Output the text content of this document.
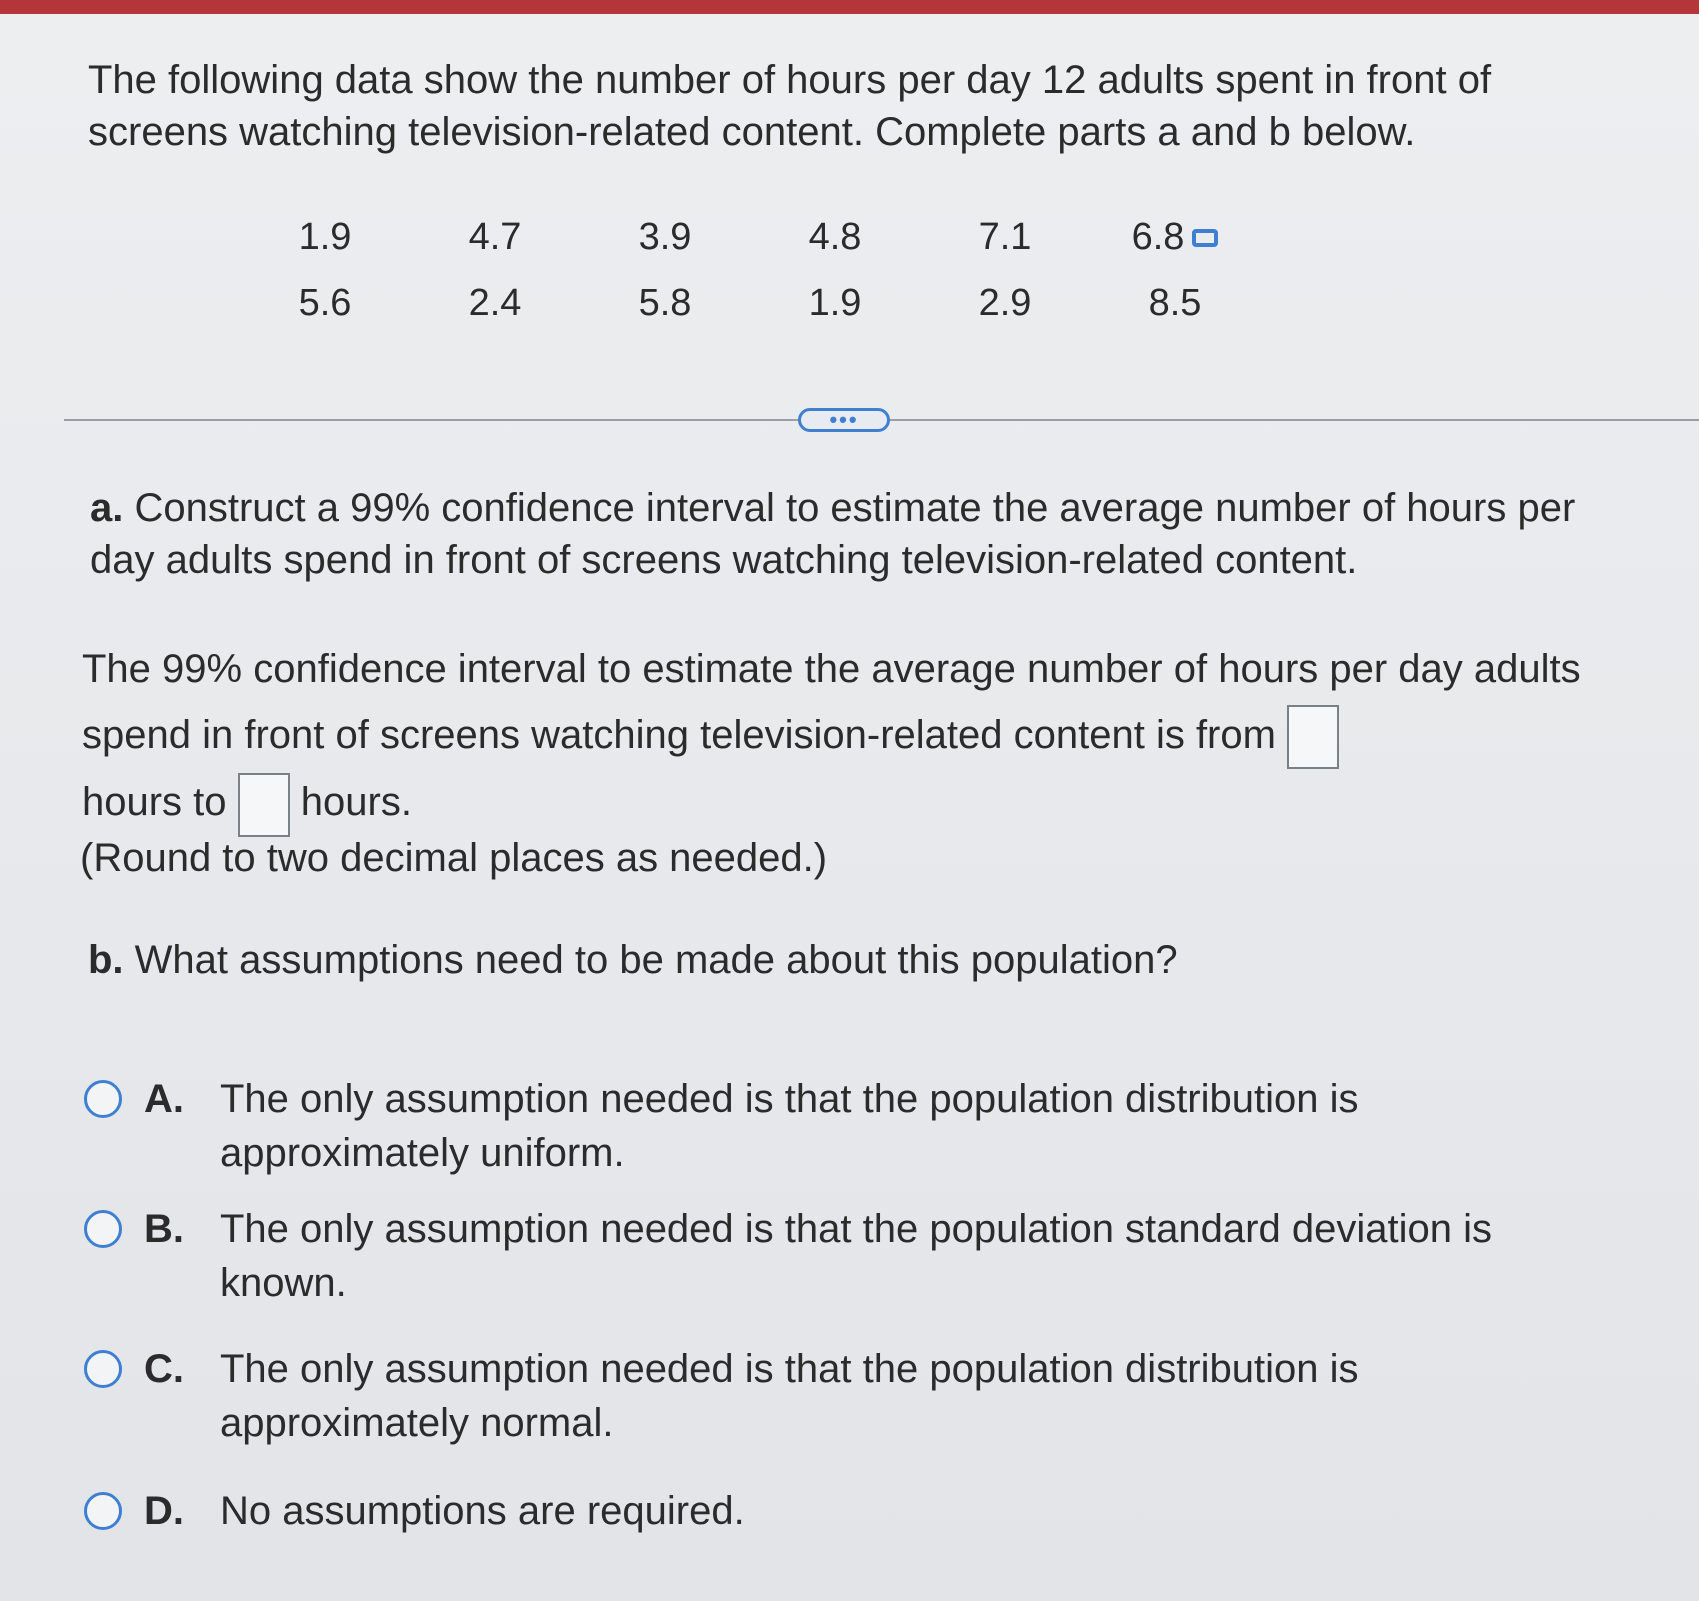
The following data show the number of hours per day 12 adults spent in front of screens watching television-related content. Complete parts a and b below.

1.9	4.7	3.9	4.8	7.1	6.8
5.6	2.4	5.8	1.9	2.9	8.5
•••

a. Construct a 99% confidence interval to estimate the average number of hours per day adults spend in front of screens watching television-related content.

The 99% confidence interval to estimate the average number of hours per day adults spend in front of screens watching television-related content is from
hours to hours.
(Round to two decimal places as needed.)
b. What assumptions need to be made about this population?
A. The only assumption needed is that the population distribution is approximately uniform.
B. The only assumption needed is that the population standard deviation is known.
C. The only assumption needed is that the population distribution is approximately normal.
D. No assumptions are required.
